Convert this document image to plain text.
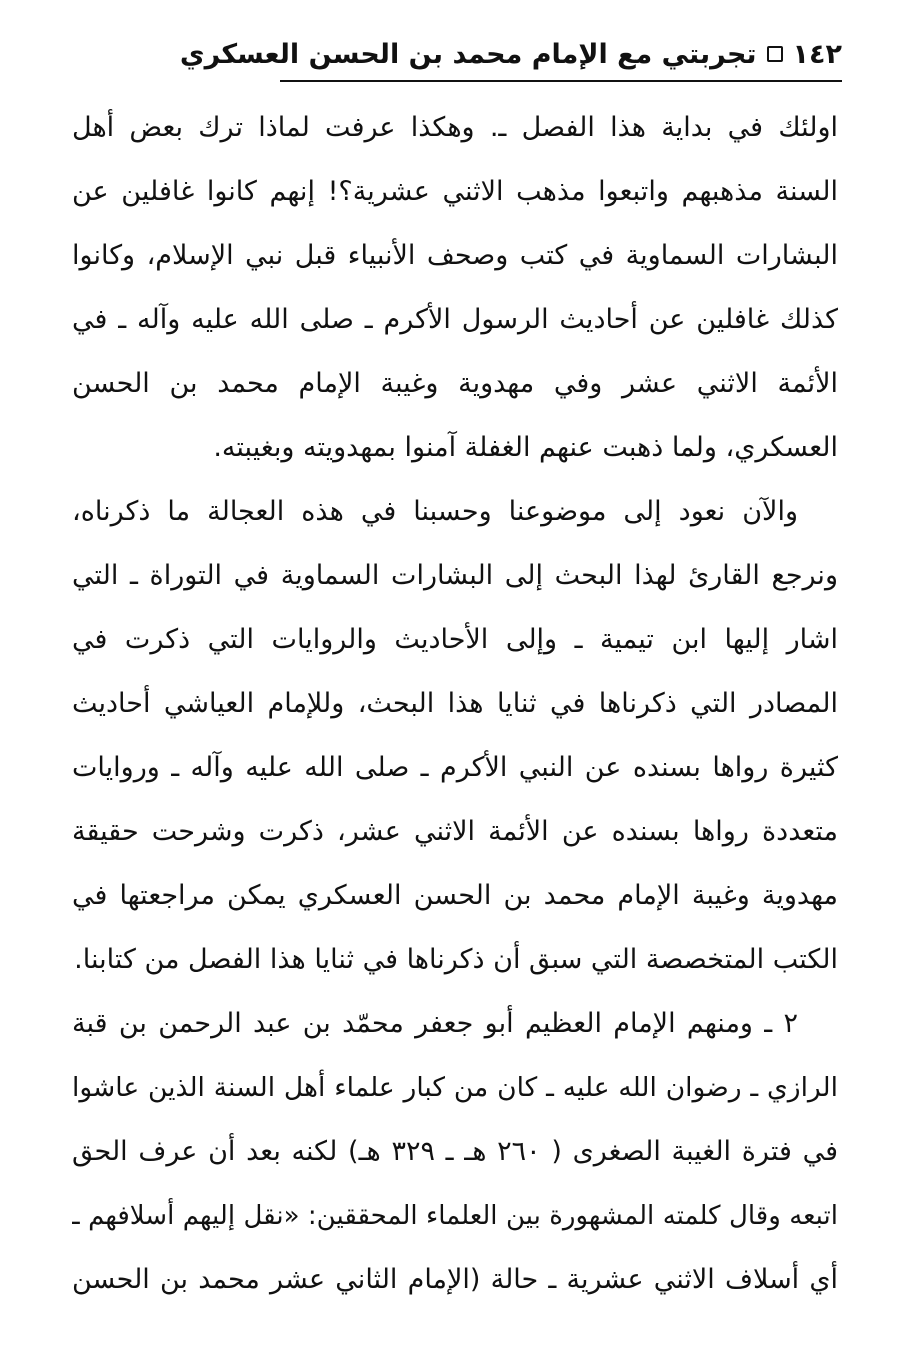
١٤٢
تجربتي مع الإمام محمد بن الحسن العسكري
اولئك في بداية هذا الفصل ـ. وهكذا عرفت لماذا ترك بعض أهل
السنة مذهبهم واتبعوا مذهب الاثني عشرية؟! إنهم كانوا غافلين عن
البشارات السماوية في كتب وصحف الأنبياء قبل نبي الإسلام، وكانوا
كذلك غافلين عن أحاديث الرسول الأكرم ـ صلى الله عليه وآله ـ في
الأئمة الاثني عشر وفي مهدوية وغيبة الإمام محمد بن الحسن
العسكري، ولما ذهبت عنهم الغفلة آمنوا بمهدويته وبغيبته.
والآن نعود إلى موضوعنا وحسبنا في هذه العجالة ما ذكرناه،
ونرجع القارئ لهذا البحث إلى البشارات السماوية في التوراة ـ التي
اشار إليها ابن تيمية ـ وإلى الأحاديث والروايات التي ذكرت في
المصادر التي ذكرناها في ثنايا هذا البحث، وللإمام العياشي أحاديث
كثيرة رواها بسنده عن النبي الأكرم ـ صلى الله عليه وآله ـ وروايات
متعددة رواها بسنده عن الأئمة الاثني عشر، ذكرت وشرحت حقيقة
مهدوية وغيبة الإمام محمد بن الحسن العسكري يمكن مراجعتها في
الكتب المتخصصة التي سبق أن ذكرناها في ثنايا هذا الفصل من كتابنا.
٢ ـ ومنهم الإمام العظيم أبو جعفر محمّد بن عبد الرحمن بن قبة
الرازي ـ رضوان الله عليه ـ كان من كبار علماء أهل السنة الذين عاشوا
في فترة الغيبة الصغرى ( ٢٦٠ هـ ـ ٣٢٩ هـ) لكنه بعد أن عرف الحق
اتبعه وقال كلمته المشهورة بين العلماء المحققين: «نقل إليهم أسلافهم ـ
أي أسلاف الاثني عشرية ـ حالة (الإمام الثاني عشر محمد بن الحسن
